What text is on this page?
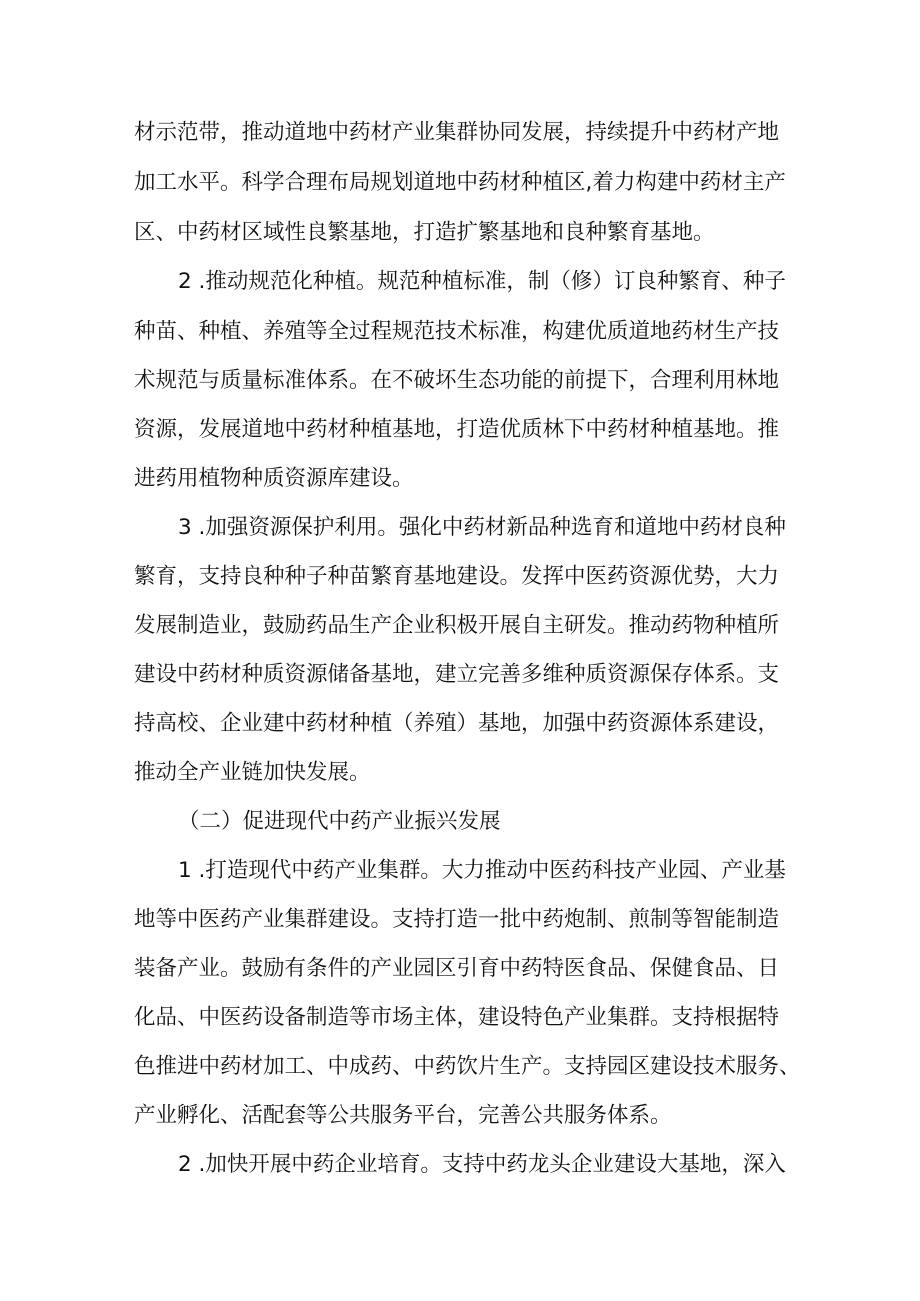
材示范带，推动道地中药材产业集群协同发展，持续提升中药材产地
加工水平。科学合理布局规划道地中药材种植区,着力构建中药材主产
区、中药材区域性良繁基地，打造扩繁基地和良种繁育基地。
2 .推动规范化种植。规范种植标准，制（修）订良种繁育、种子
种苗、种植、养殖等全过程规范技术标准，构建优质道地药材生产技
术规范与质量标准体系。在不破坏生态功能的前提下，合理利用林地
资源，发展道地中药材种植基地，打造优质林下中药材种植基地。推
进药用植物种质资源库建设。
3 .加强资源保护利用。强化中药材新品种选育和道地中药材良种
繁育，支持良种种子种苗繁育基地建设。发挥中医药资源优势，大力
发展制造业，鼓励药品生产企业积极开展自主研发。推动药物种植所
建设中药材种质资源储备基地，建立完善多维种质资源保存体系。支
持高校、企业建中药材种植（养殖）基地，加强中药资源体系建设，
推动全产业链加快发展。
（二）促进现代中药产业振兴发展
1 .打造现代中药产业集群。大力推动中医药科技产业园、产业基
地等中医药产业集群建设。支持打造一批中药炮制、煎制等智能制造
装备产业。鼓励有条件的产业园区引育中药特医食品、保健食品、日
化品、中医药设备制造等市场主体，建设特色产业集群。支持根据特
色推进中药材加工、中成药、中药饮片生产。支持园区建设技术服务、
产业孵化、活配套等公共服务平台，完善公共服务体系。
2 .加快开展中药企业培育。支持中药龙头企业建设大基地，深入
